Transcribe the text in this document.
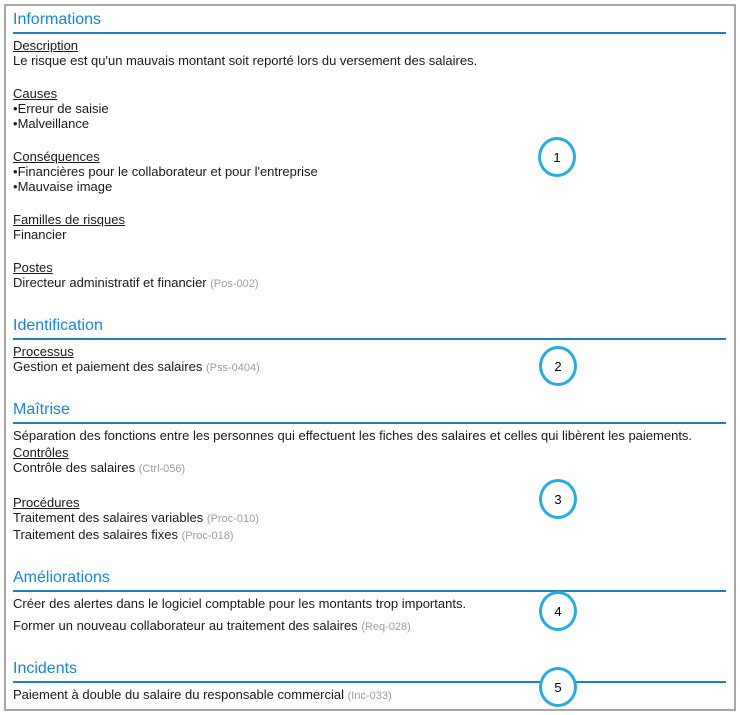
Informations
Description
Le risque est qu'un mauvais montant soit reporté lors du versement des salaires.
Causes
• Erreur de saisie
• Malveillance
Conséquences
• Financières pour le collaborateur et pour l'entreprise
• Mauvaise image
Familles de risques
Financier
Postes
Directeur administratif et financier (Pos-002)
Identification
Processus
Gestion et paiement des salaires (Pss-0404)
Maîtrise
Séparation des fonctions entre les personnes qui effectuent les fiches des salaires et celles qui libèrent les paiements.
Contrôles
Contrôle des salaires (Ctrl-056)
Procédures
Traitement des salaires variables (Proc-010)
Traitement des salaires fixes (Proc-018)
Améliorations
Créer des alertes dans le logiciel comptable pour les montants trop importants.
Former un nouveau collaborateur au traitement des salaires (Req-028)
Incidents
Paiement à double du salaire du responsable commercial (Inc-033)
1
2
3
4
5
